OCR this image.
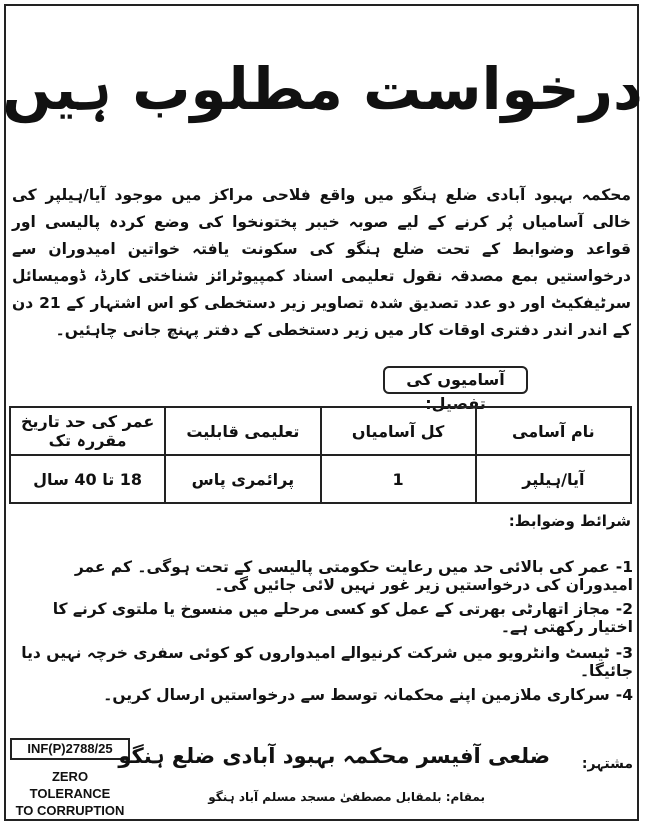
درخواست مطلوب ہیں
محکمہ بہبود آبادی ضلع ہنگو میں واقع فلاحی مراکز میں موجود آیا/ہیلپر کی خالی آسامیاں پُر کرنے کے لیے صوبہ خیبر پختونخوا کی وضع کردہ پالیسی اور قواعد وضوابط کے تحت ضلع ہنگو کی سکونت یافتہ خواتین امیدوران سے درخواستیں بمع مصدقہ نقول تعلیمی اسناد کمپیوٹرائز شناختی کارڈ، ڈومیسائل سرٹیفکیٹ اور دو عدد تصدیق شدہ تصاویر زیر دستخطی کو اس اشتہار کے 21 دن کے اندر اندر دفتری اوقات کار میں زیر دستخطی کے دفتر پہنچ جانی چاہئیں۔
آسامیوں کی تفصیل:
نام آسامی	کل آسامیاں	تعلیمی قابلیت	عمر کی حد تاریخ مقررہ تک
آیا/ہیلپر	1	پرائمری پاس	18 تا 40 سال
شرائط وضوابط:
1-عمر کی بالائی حد میں رعایت حکومتی پالیسی کے تحت ہوگی۔ کم عمر امیدوران کی درخواستیں زیر غور نہیں لائی جائیں گی۔
2-مجاز اتھارٹی بھرتی کے عمل کو کسی مرحلے میں منسوخ یا ملتوی کرنے کا اختیار رکھتی ہے۔
3-ٹیسٹ وانٹرویو میں شرکت کرنیوالے امیدواروں کو کوئی سفری خرچہ نہیں دیا جائیگا۔
4-سرکاری ملازمین اپنے محکمانہ توسط سے درخواستیں ارسال کریں۔
INF(P)2788/25
ZERO TOLERANCE
TO CORRUPTION
مشتہر:
ضلعی آفیسر محکمہ بہبود آبادی ضلع ہنگو
بمقام: بلمقابل مصطفیٰ مسجد مسلم آباد ہنگو
